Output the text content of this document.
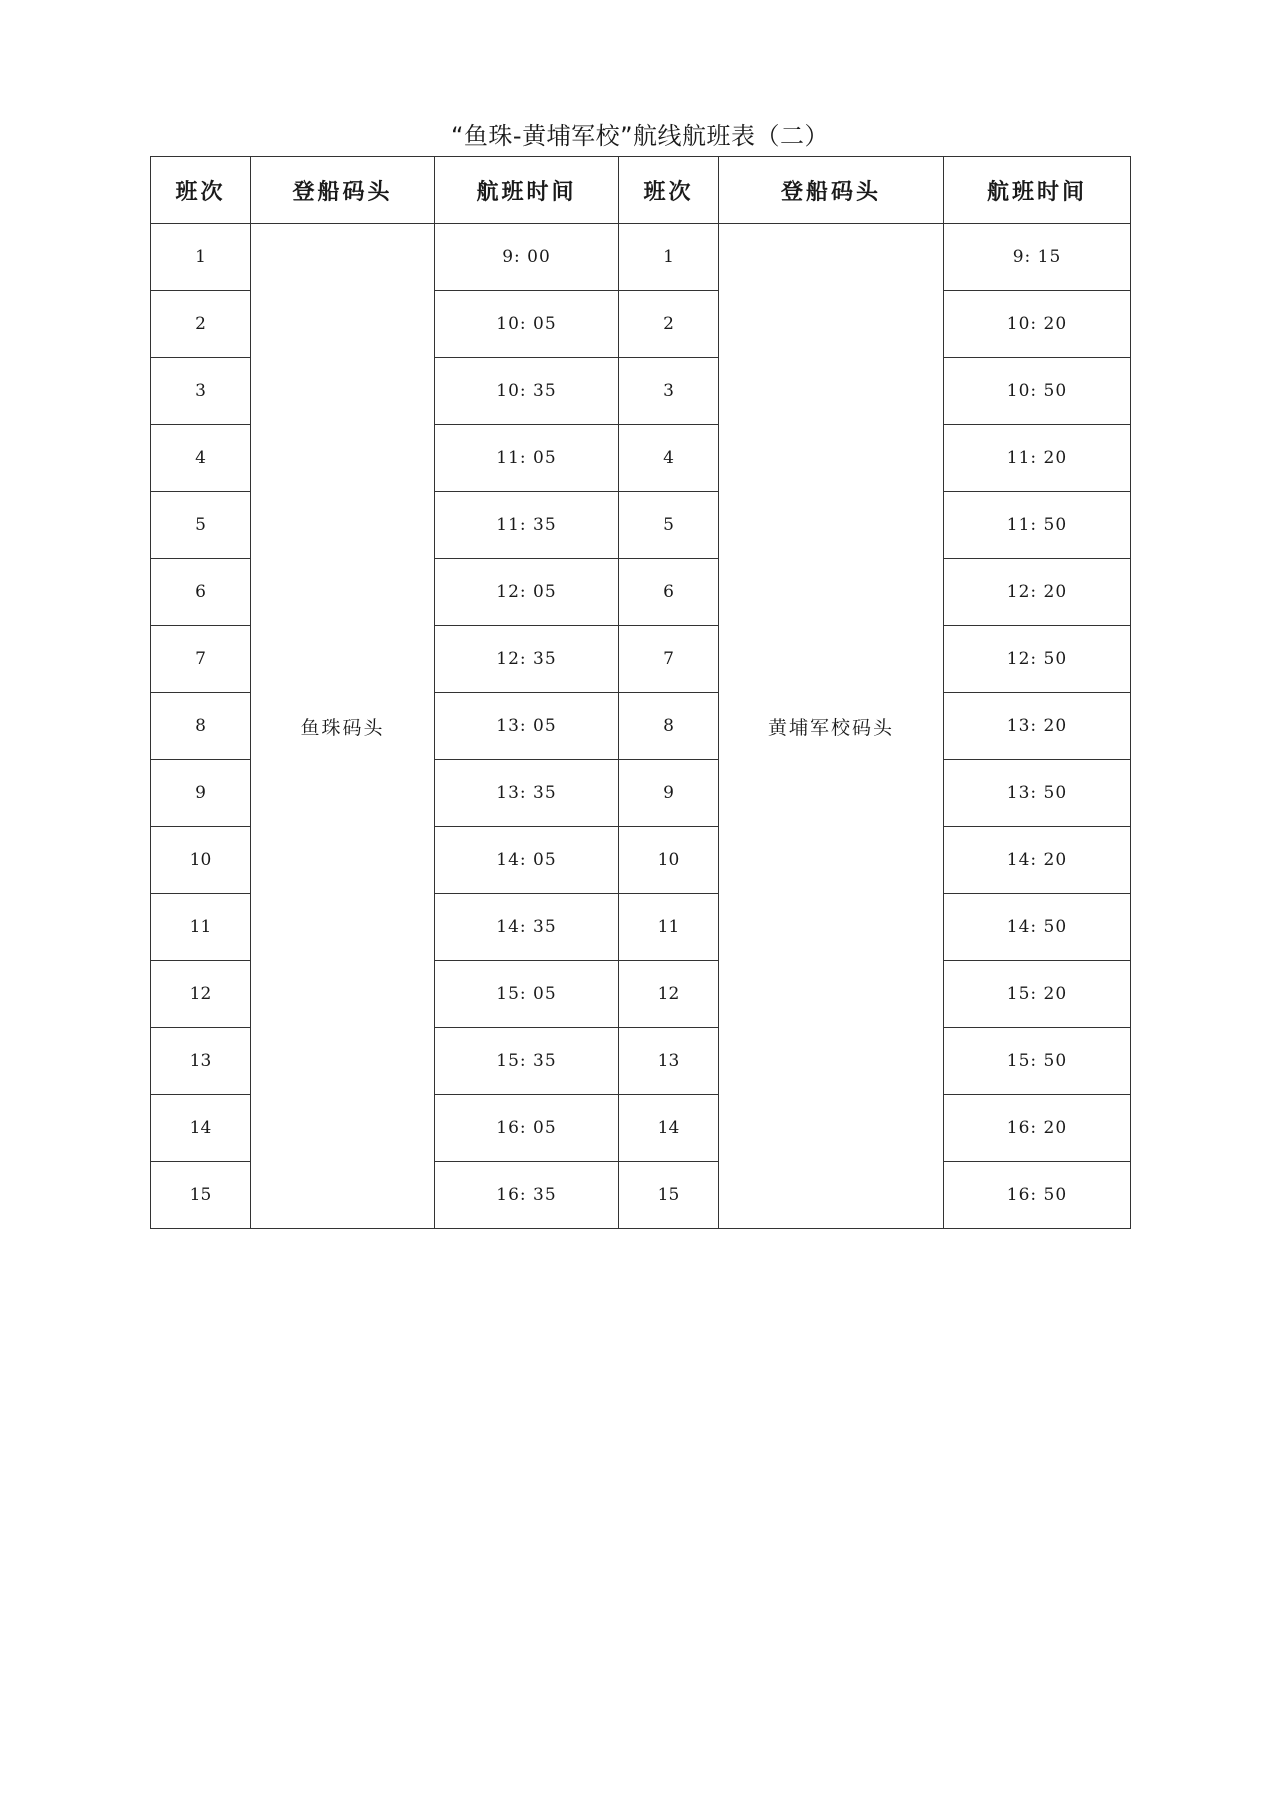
“鱼珠-黄埔军校”航线航班表（二）
班次	登船码头	航班时间	班次	登船码头	航班时间
1	鱼珠码头	9: 00	1	黄埔军校码头	9: 15
2		10: 05	2		10: 20
3		10: 35	3		10: 50
4		11: 05	4		11: 20
5		11: 35	5		11: 50
6		12: 05	6		12: 20
7		12: 35	7		12: 50
8		13: 05	8		13: 20
9		13: 35	9		13: 50
10		14: 05	10		14: 20
11		14: 35	11		14: 50
12		15: 05	12		15: 20
13		15: 35	13		15: 50
14		16: 05	14		16: 20
15		16: 35	15		16: 50
